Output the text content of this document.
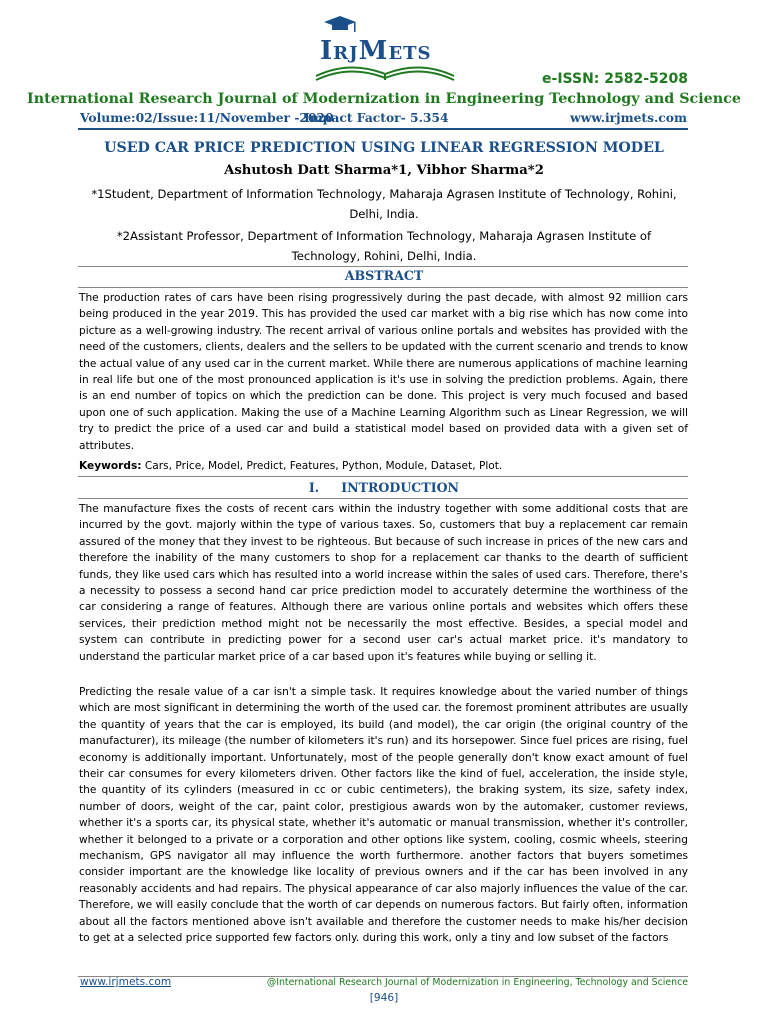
IRJMETS
e-ISSN: 2582-5208
International Research Journal of Modernization in Engineering Technology and Science
Volume:02/Issue:11/November -2020
Impact Factor- 5.354	www.irjmets.com
USED CAR PRICE PREDICTION USING LINEAR REGRESSION MODEL
Ashutosh Datt Sharma*1, Vibhor Sharma*2
*1Student, Department of Information Technology, Maharaja Agrasen Institute of Technology, Rohini, Delhi, India.
*2Assistant Professor, Department of Information Technology, Maharaja Agrasen Institute of Technology, Rohini, Delhi, India.
ABSTRACT
The production rates of cars have been rising progressively during the past decade, with almost 92 million cars being produced in the year 2019. This has provided the used car market with a big rise which has now come into picture as a well-growing industry. The recent arrival of various online portals and websites has provided with the need of the customers, clients, dealers and the sellers to be updated with the current scenario and trends to know the actual value of any used car in the current market. While there are numerous applications of machine learning in real life but one of the most pronounced application is it's use in solving the prediction problems. Again, there is an end number of topics on which the prediction can be done. This project is very much focused and based upon one of such application. Making the use of a Machine Learning Algorithm such as Linear Regression, we will try to predict the price of a used car and build a statistical model based on provided data with a given set of attributes.
Keywords: Cars, Price, Model, Predict, Features, Python, Module, Dataset, Plot.
I. INTRODUCTION
The manufacture fixes the costs of recent cars within the industry together with some additional costs that are incurred by the govt. majorly within the type of various taxes. So, customers that buy a replacement car remain assured of the money that they invest to be righteous. But because of such increase in prices of the new cars and therefore the inability of the many customers to shop for a replacement car thanks to the dearth of sufficient funds, they like used cars which has resulted into a world increase within the sales of used cars. Therefore, there's a necessity to possess a second hand car price prediction model to accurately determine the worthiness of the car considering a range of features. Although there are various online portals and websites which offers these services, their prediction method might not be necessarily the most effective. Besides, a special model and system can contribute in predicting power for a second user car's actual market price. it's mandatory to understand the particular market price of a car based upon it's features while buying or selling it.
Predicting the resale value of a car isn't a simple task. It requires knowledge about the varied number of things which are most significant in determining the worth of the used car. the foremost prominent attributes are usually the quantity of years that the car is employed, its build (and model), the car origin (the original country of the manufacturer), its mileage (the number of kilometers it's run) and its horsepower. Since fuel prices are rising, fuel economy is additionally important. Unfortunately, most of the people generally don't know exact amount of fuel their car consumes for every kilometers driven. Other factors like the kind of fuel, acceleration, the inside style, the quantity of its cylinders (measured in cc or cubic centimeters), the braking system, its size, safety index, number of doors, weight of the car, paint color, prestigious awards won by the automaker, customer reviews, whether it's a sports car, its physical state, whether it's automatic or manual transmission, whether it's controller, whether it belonged to a private or a corporation and other options like system, cooling, cosmic wheels, steering mechanism, GPS navigator all may influence the worth furthermore. another factors that buyers sometimes consider important are the knowledge like locality of previous owners and if the car has been involved in any reasonably accidents and had repairs. The physical appearance of car also majorly influences the value of the car. Therefore, we will easily conclude that the worth of car depends on numerous factors. But fairly often, information about all the factors mentioned above isn't available and therefore the customer needs to make his/her decision to get at a selected price supported few factors only. during this work, only a tiny and low subset of the factors
www.irjmets.com	@International Research Journal of Modernization in Engineering, Technology and Science
[946]
